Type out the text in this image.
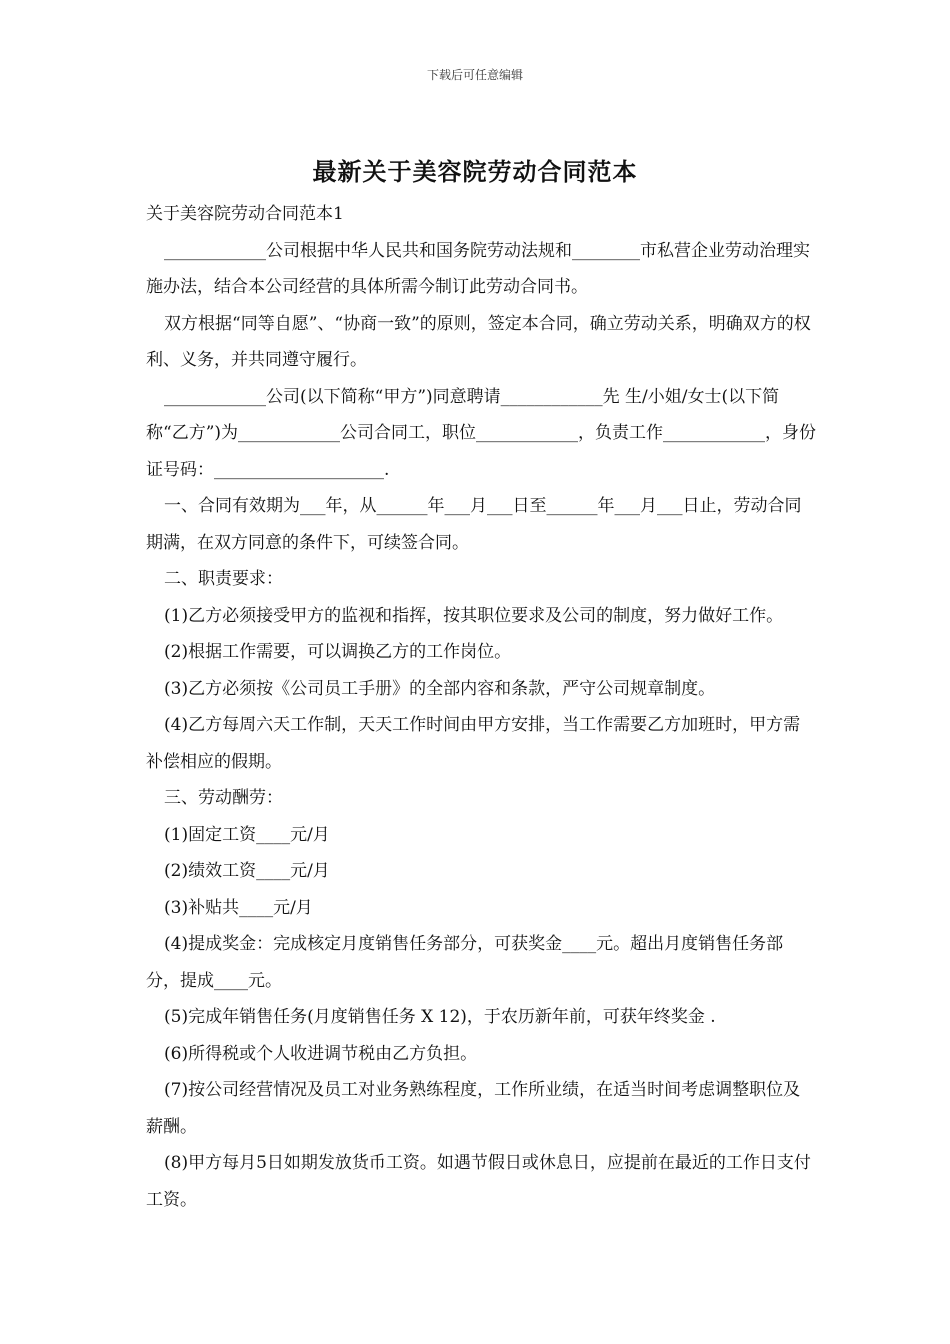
下载后可任意编辑
最新关于美容院劳动合同范本

关于美容院劳动合同范本1

____________公司根据中华人民共和国务院劳动法规和________市私营企业劳动治理实施办法，结合本公司经营的具体所需今制订此劳动合同书。

双方根据“同等自愿”、“协商一致”的原则，签定本合同，确立劳动关系，明确双方的权利、义务，并共同遵守履行。

____________公司(以下简称“甲方”)同意聘请____________先 生/小姐/女士(以下简称“乙方”)为____________公司合同工，职位____________，负责工作____________，身份证号码：____________________.

一、合同有效期为___年，从______年___月___日至______年___月___日止，劳动合同期满，在双方同意的条件下，可续签合同。

二、职责要求：

(1)乙方必须接受甲方的监视和指挥，按其职位要求及公司的制度，努力做好工作。

(2)根据工作需要，可以调换乙方的工作岗位。

(3)乙方必须按《公司员工手册》的全部内容和条款，严守公司规章制度。

(4)乙方每周六天工作制，天天工作时间由甲方安排，当工作需要乙方加班时，甲方需补偿相应的假期。

三、劳动酬劳：

(1)固定工资____元/月

(2)绩效工资____元/月

(3)补贴共____元/月

(4)提成奖金：完成核定月度销售任务部分，可获奖金____元。超出月度销售任务部分，提成____元。

(5)完成年销售任务(月度销售任务 X 12)，于农历新年前，可获年终奖金 .

(6)所得税或个人收进调节税由乙方负担。

(7)按公司经营情况及员工对业务熟练程度，工作所业绩，在适当时间考虑调整职位及薪酬。

(8)甲方每月5日如期发放货币工资。如遇节假日或休息日，应提前在最近的工作日支付工资。
